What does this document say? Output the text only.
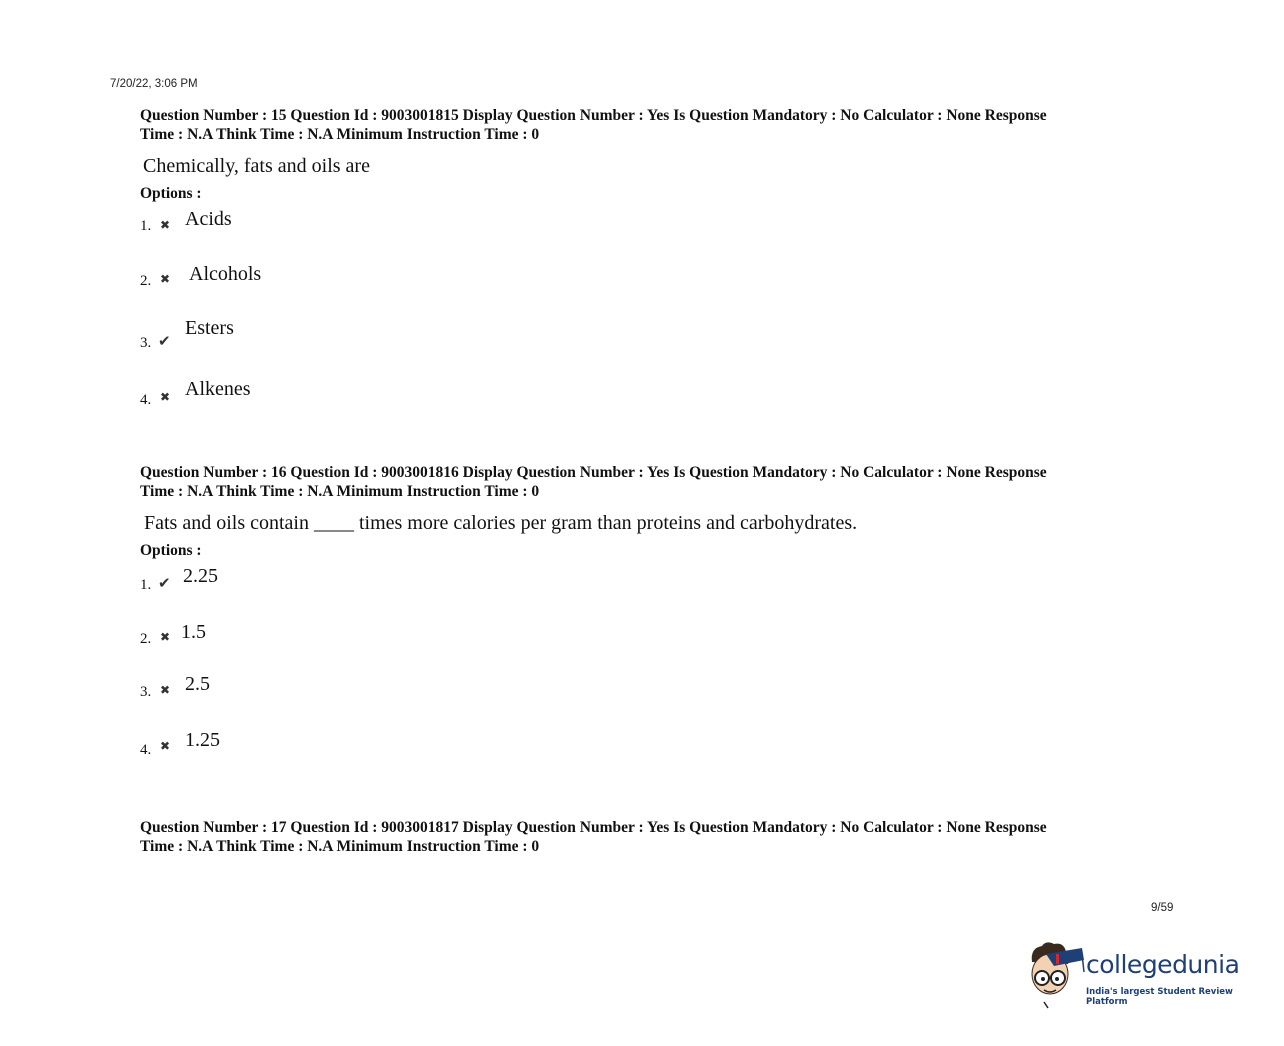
7/20/22, 3:06 PM

Question Number : 15 Question Id : 9003001815 Display Question Number : Yes Is Question Mandatory : No Calculator : None Response

Time : N.A Think Time : N.A Minimum Instruction Time : 0

Chemically, fats and oils are
Options :
1. ✖ Acids
2. ✖ Alcohols
3. ✔
Esters
4. ✖ Alkenes

Question Number : 16 Question Id : 9003001816 Display Question Number : Yes Is Question Mandatory : No Calculator : None Response

Time : N.A Think Time : N.A Minimum Instruction Time : 0

Fats and oils contain ____ times more calories per gram than proteins and carbohydrates.
Options :
1. ✔ 2.25
2. ✖ 1.5
3. ✖ 2.5
4. ✖ 1.25

Question Number : 17 Question Id : 9003001817 Display Question Number : Yes Is Question Mandatory : No Calculator : None Response

Time : N.A Think Time : N.A Minimum Instruction Time : 0

9/59
collegedunia
India's largest Student Review Platform
